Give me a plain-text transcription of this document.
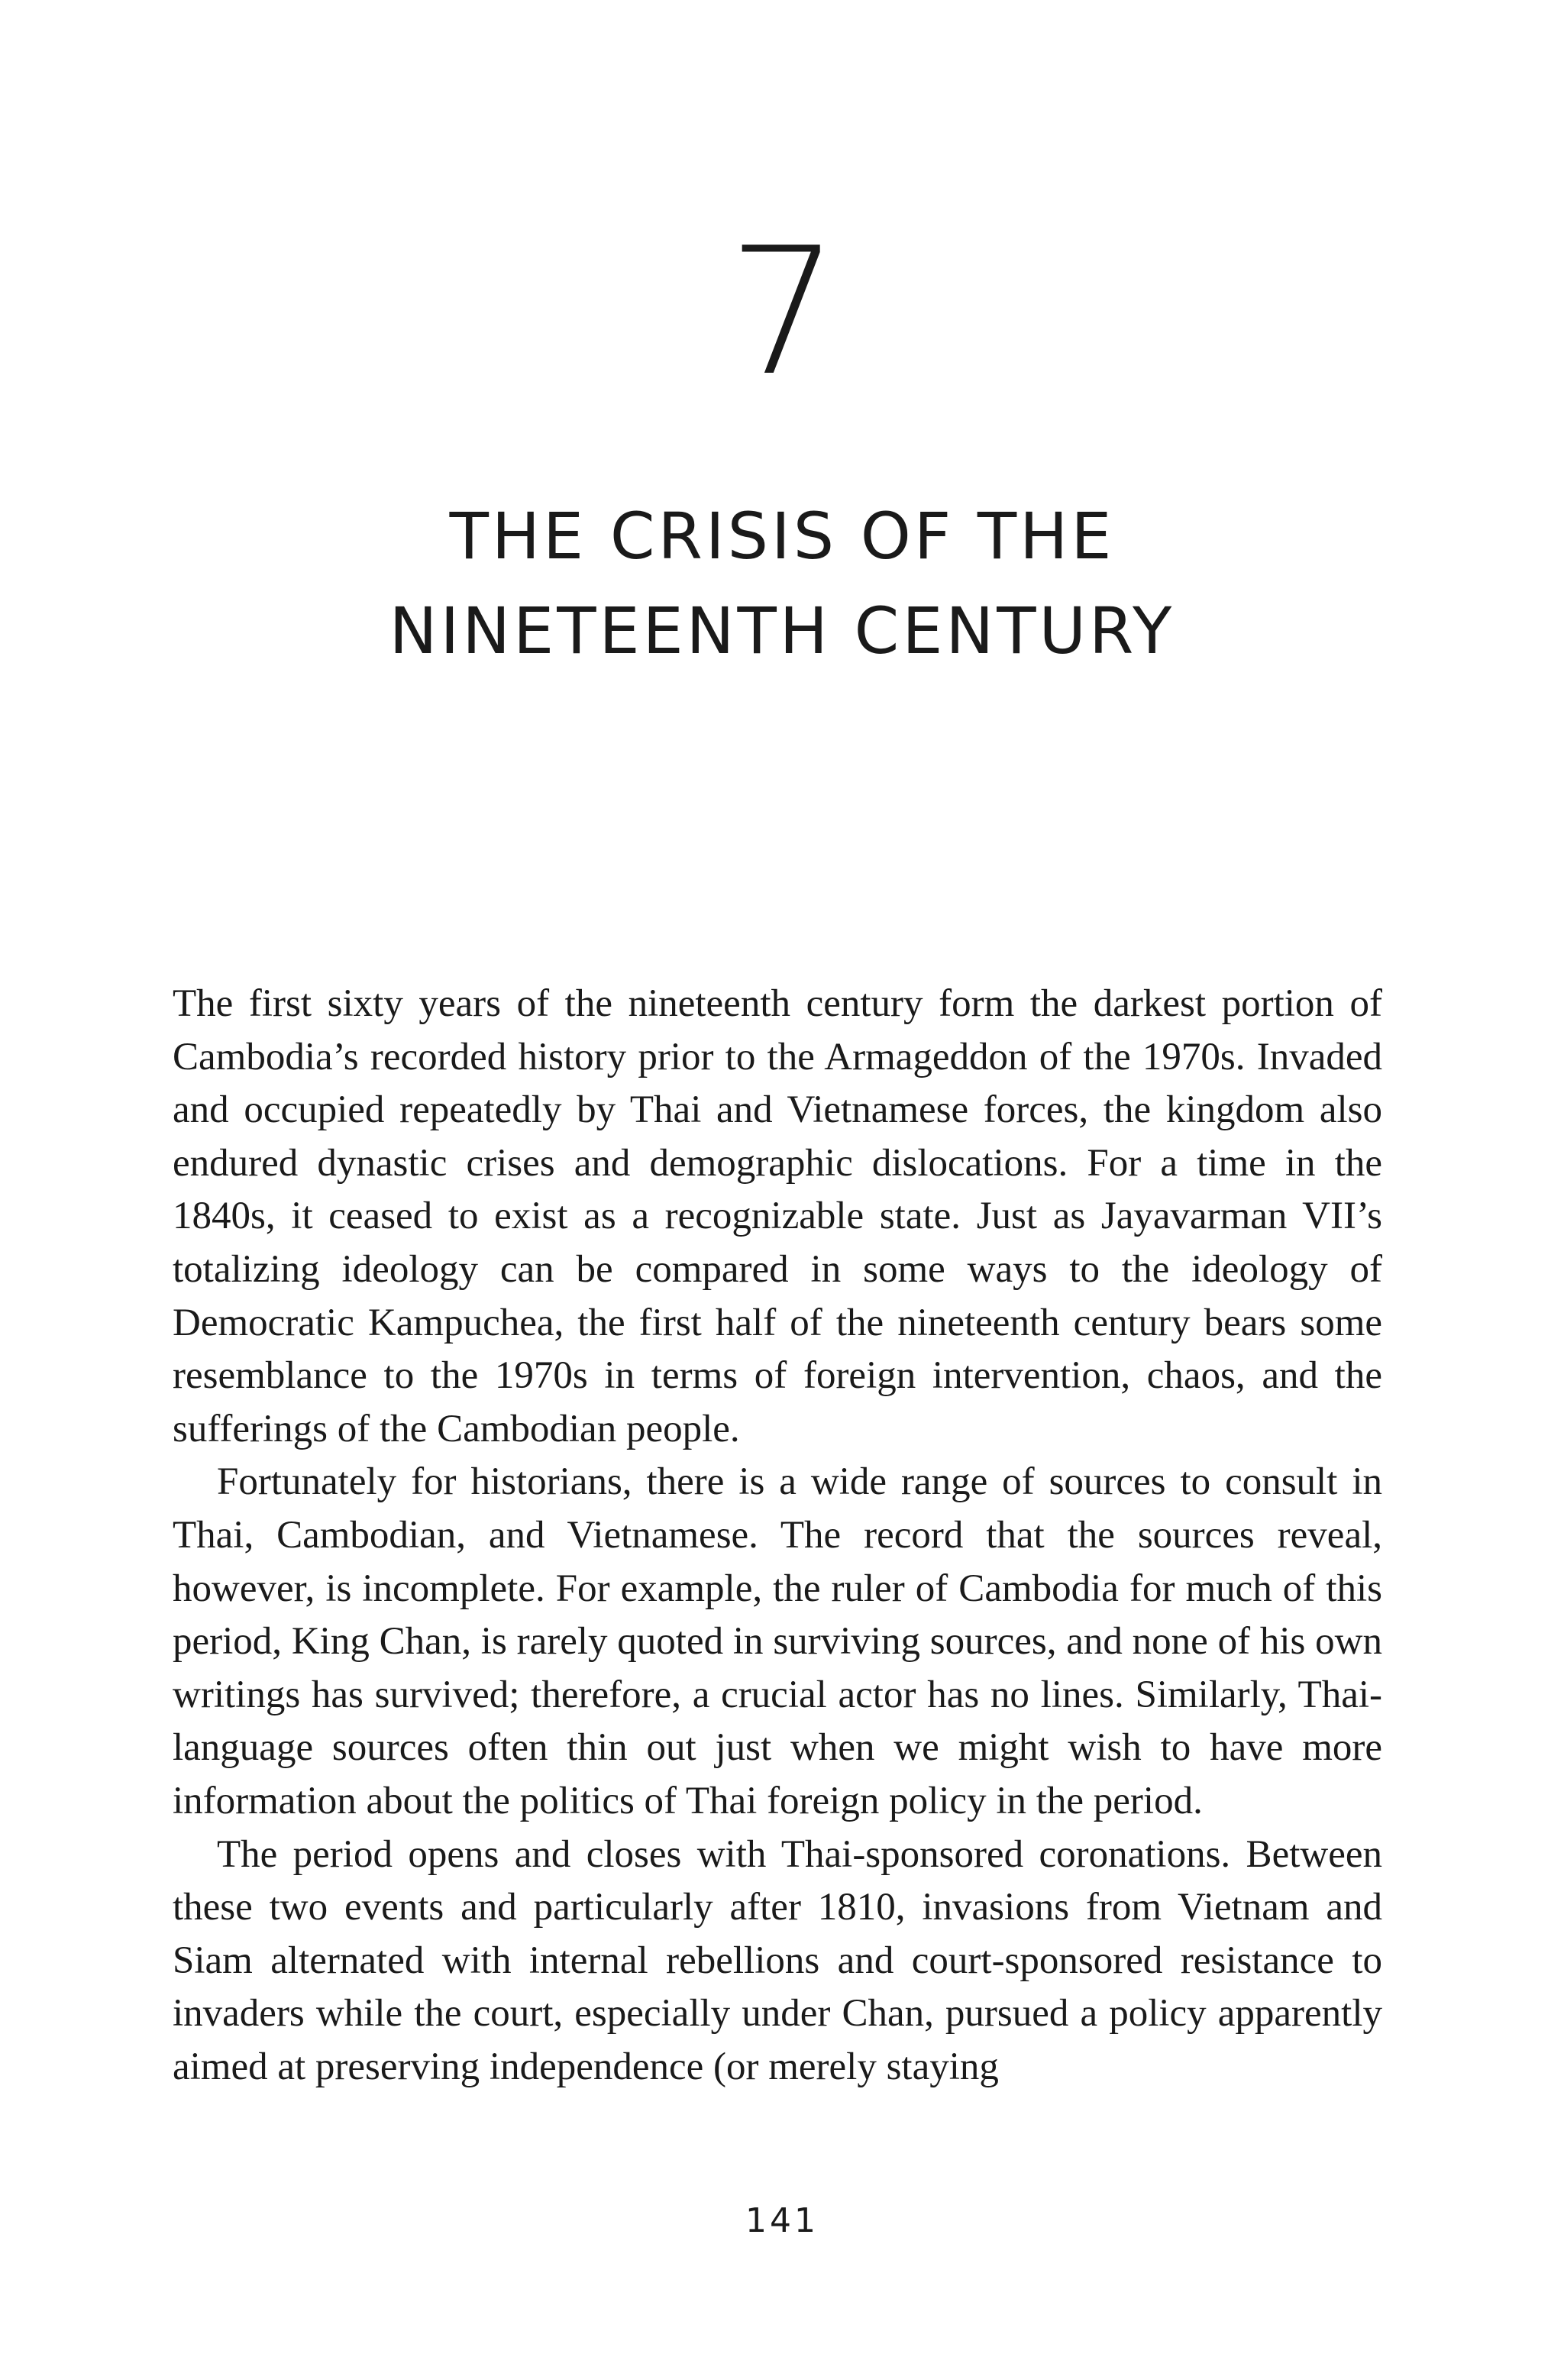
7
THE CRISIS OF THE
NINETEENTH CENTURY

The first sixty years of the nineteenth century form the darkest portion of Cambodia’s recorded history prior to the Armageddon of the 1970s. Invaded and occupied repeatedly by Thai and Vietnamese forces, the kingdom also endured dynastic crises and demographic dislocations. For a time in the 1840s, it ceased to exist as a recognizable state. Just as Jayavarman VII’s totalizing ideology can be compared in some ways to the ideology of Democratic Kampuchea, the first half of the nineteenth century bears some resemblance to the 1970s in terms of foreign intervention, chaos, and the sufferings of the Cambodian people.

Fortunately for historians, there is a wide range of sources to consult in Thai, Cambodian, and Vietnamese. The record that the sources reveal, however, is incomplete. For example, the ruler of Cambodia for much of this period, King Chan, is rarely quoted in surviving sources, and none of his own writings has survived; therefore, a crucial actor has no lines. Similarly, Thai-language sources often thin out just when we might wish to have more information about the politics of Thai foreign policy in the period.

The period opens and closes with Thai-sponsored coronations. Between these two events and particularly after 1810, invasions from Vietnam and Siam alternated with internal rebellions and court-sponsored resistance to invaders while the court, especially under Chan, pursued a policy apparently aimed at preserving independence (or merely staying

141
